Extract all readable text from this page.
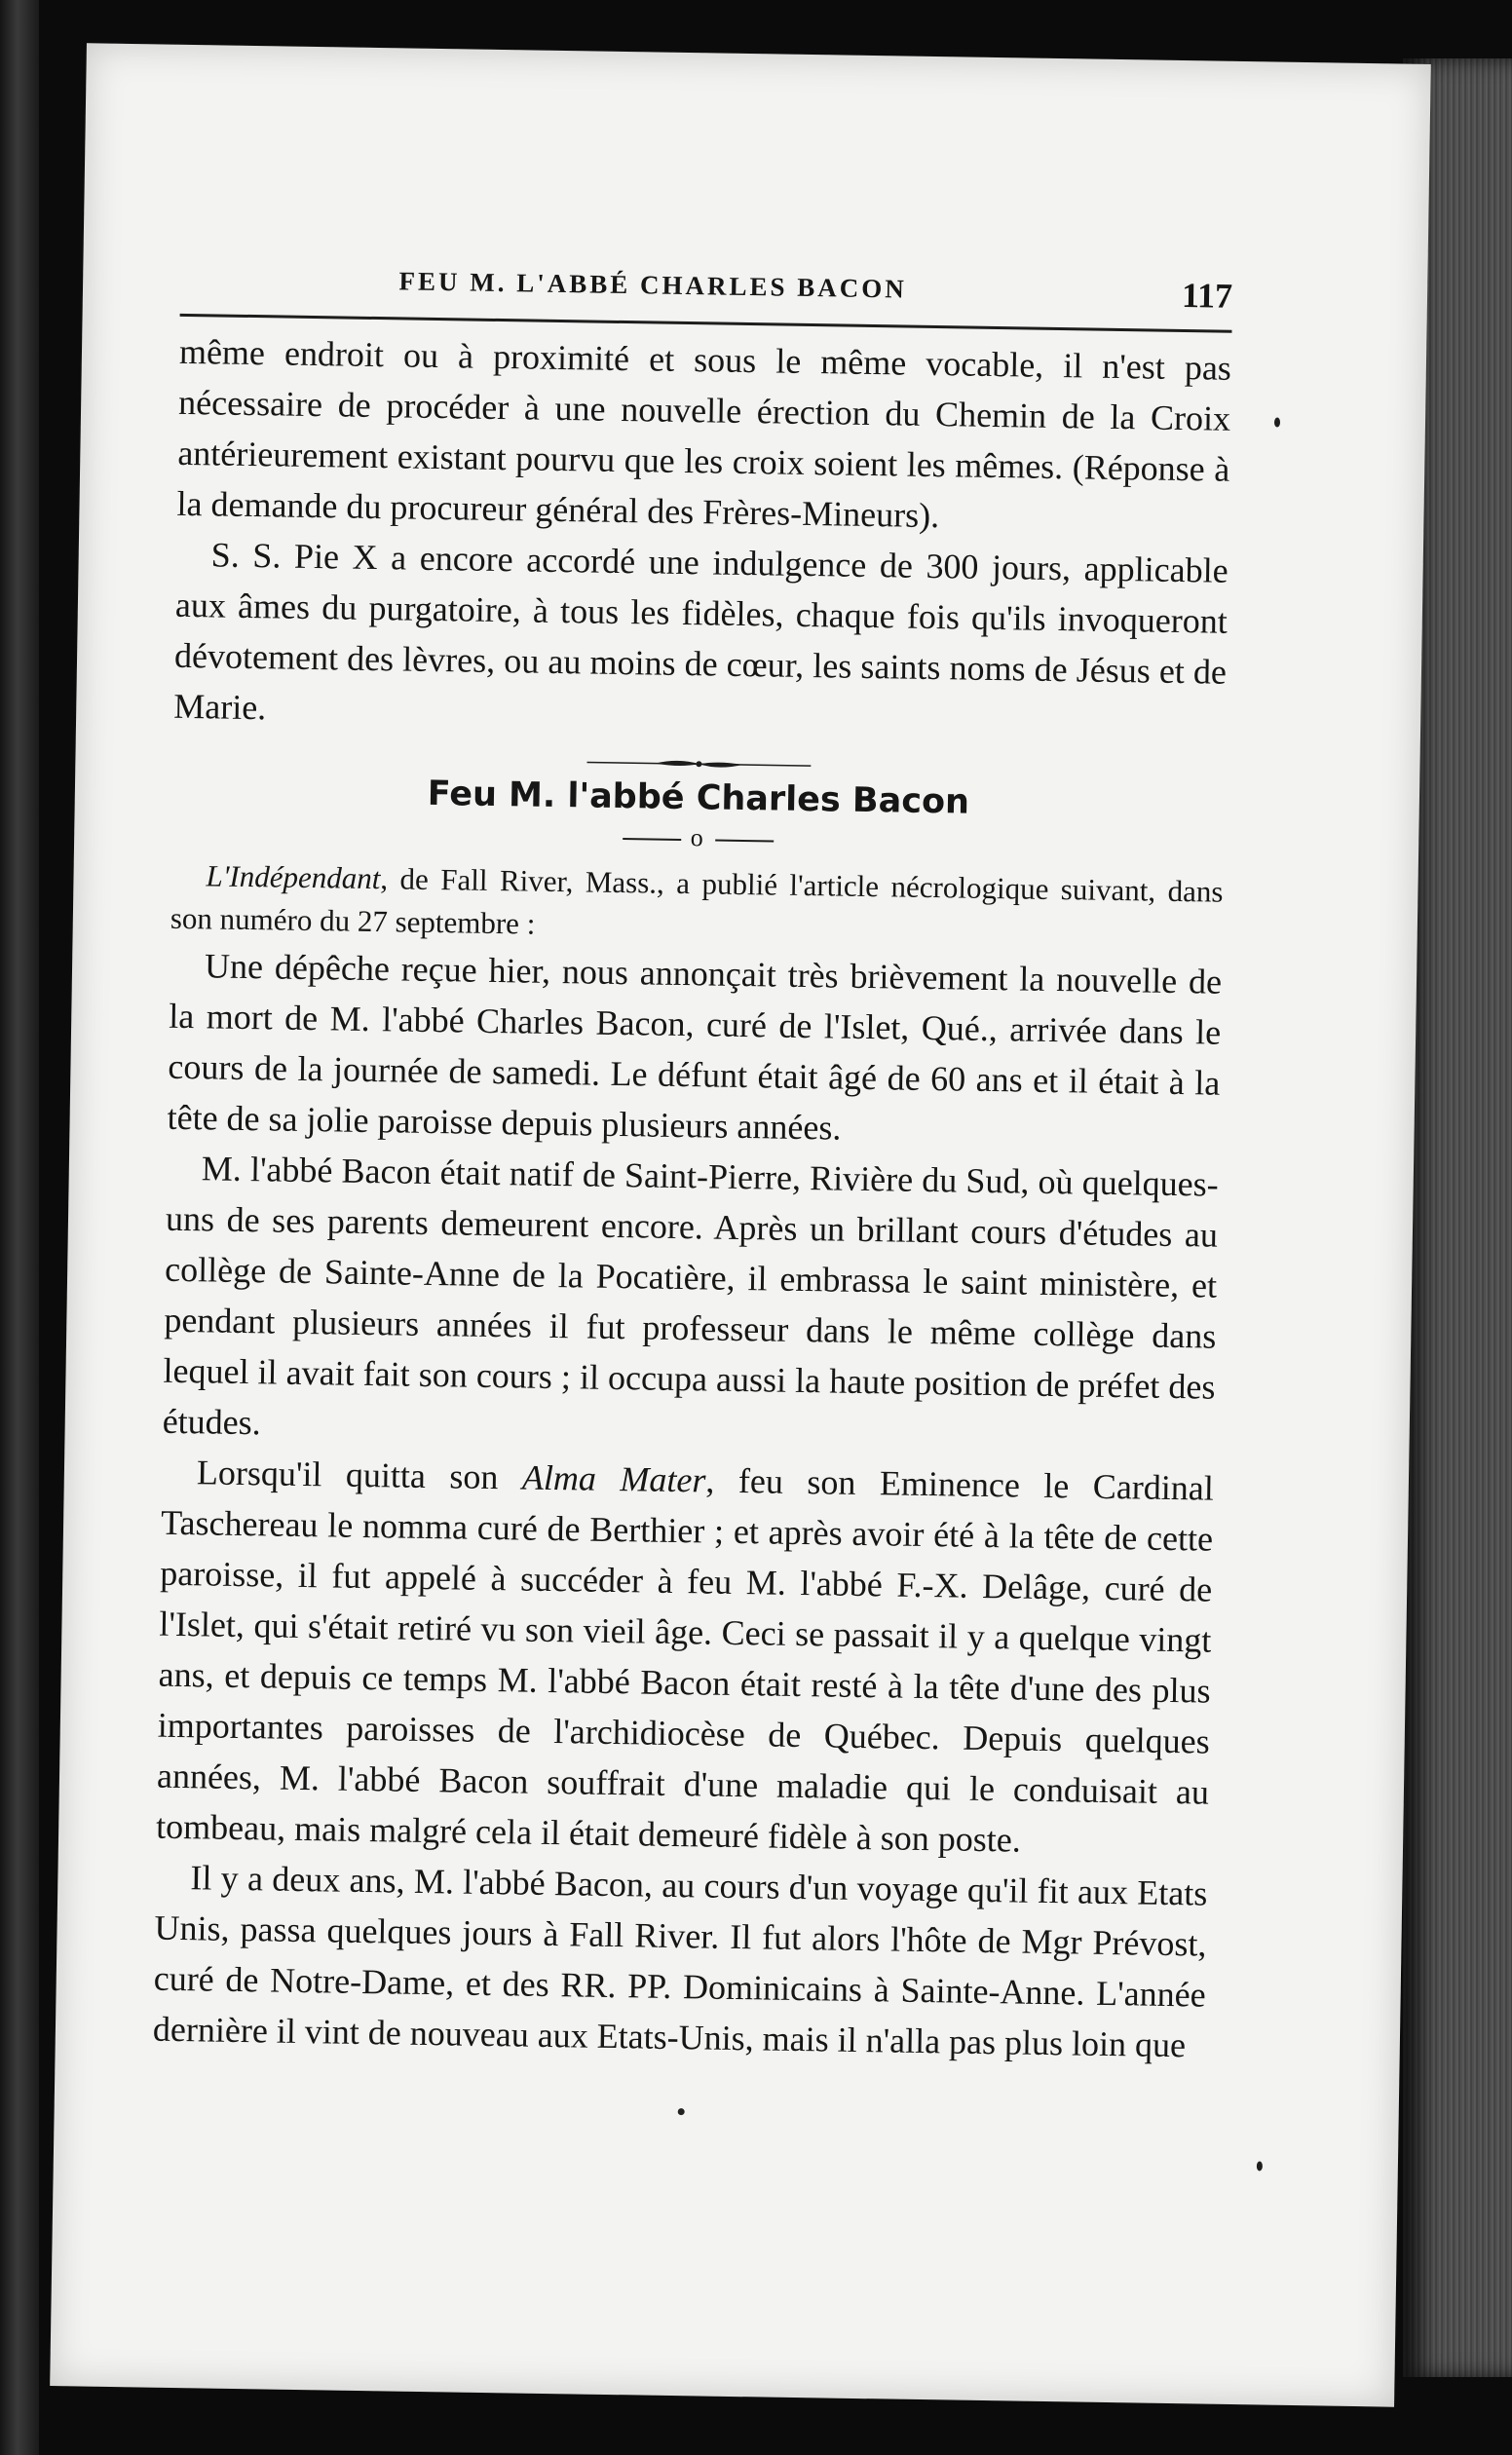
FEU M. L'ABBÉ CHARLES BACON	117

même endroit ou à proximité et sous le même vocable, il n'est pas nécessaire de procéder à une nouvelle érection du Chemin de la Croix antérieurement existant pourvu que les croix soient les mêmes. (Réponse à la demande du procureur général des Frères-Mineurs).

S. S. Pie X a encore accordé une indulgence de 300 jours, applicable aux âmes du purgatoire, à tous les fidèles, chaque fois qu'ils invoqueront dévotement des lèvres, ou au moins de cœur, les saints noms de Jésus et de Marie.

Feu M. l'abbé Charles Bacon
o

L'Indépendant, de Fall River, Mass., a publié l'article nécrologique suivant, dans son numéro du 27 septembre :

Une dépêche reçue hier, nous annonçait très brièvement la nouvelle de la mort de M. l'abbé Charles Bacon, curé de l'Islet, Qué., arrivée dans le cours de la journée de samedi. Le défunt était âgé de 60 ans et il était à la tête de sa jolie paroisse depuis plusieurs années.

M. l'abbé Bacon était natif de Saint-Pierre, Rivière du Sud, où quelques-uns de ses parents demeurent encore. Après un brillant cours d'études au collège de Sainte-Anne de la Pocatière, il embrassa le saint ministère, et pendant plusieurs années il fut professeur dans le même collège dans lequel il avait fait son cours ; il occupa aussi la haute position de préfet des études.

Lorsqu'il quitta son Alma Mater, feu son Eminence le Cardinal Taschereau le nomma curé de Berthier ; et après avoir été à la tête de cette paroisse, il fut appelé à succéder à feu M. l'abbé F.-X. Delâge, curé de l'Islet, qui s'était retiré vu son vieil âge. Ceci se passait il y a quelque vingt ans, et depuis ce temps M. l'abbé Bacon était resté à la tête d'une des plus importantes paroisses de l'archidiocèse de Québec. Depuis quelques années, M. l'abbé Bacon souffrait d'une maladie qui le conduisait au tombeau, mais malgré cela il était demeuré fidèle à son poste.

Il y a deux ans, M. l'abbé Bacon, au cours d'un voyage qu'il fit aux Etats Unis, passa quelques jours à Fall River. Il fut alors l'hôte de Mgr Prévost, curé de Notre-Dame, et des RR. PP. Dominicains à Sainte-Anne. L'année dernière il vint de nouveau aux Etats-Unis, mais il n'alla pas plus loin que
